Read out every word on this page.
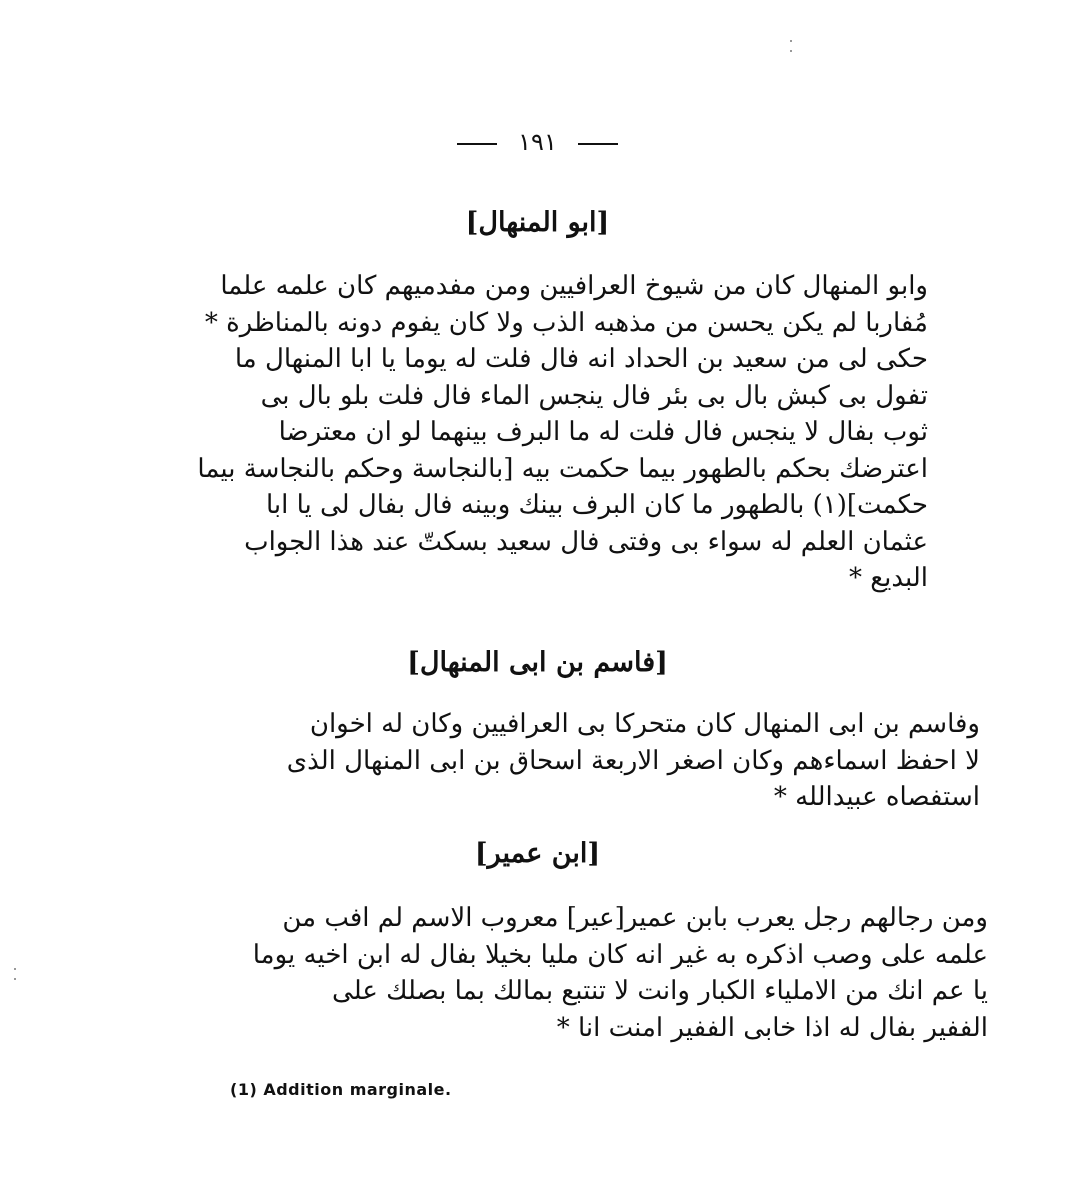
١٩١
[ابو المنهال]
وابو المنهال كان من شيوخ العرافيين ومن مفدميهم كان علمه علما
مُفاربا لم يكن يحسن من مذهبه الذب ولا كان يفوم دونه بالمناظرة *
حكى لى من سعيد بن الحداد انه فال فلت له يوما يا ابا المنهال ما
تفول بى كبش بال بى بئر فال ينجس الماء فال فلت بلو بال بى
ثوب بفال لا ينجس فال فلت له ما البرف بينهما لو ان معترضا
اعترضك بحكم بالطهور بيما حكمت بيه [بالنجاسة وحكم بالنجاسة بيما
حكمت](١) بالطهور ما كان البرف بينك وبينه فال بفال لى يا ابا
عثمان العلم له سواء بى وفتى فال سعيد بسكتّ عند هذا الجواب
البديع *
[فاسم بن ابى المنهال]
وفاسم بن ابى المنهال كان متحركا بى العرافيين وكان له اخوان
لا احفظ اسماءهم وكان اصغر الاربعة اسحاق بن ابى المنهال الذى
استفصاه عبيدالله *
[ابن عمير]
ومن رجالهم رجل يعرب بابن عمير[عير] معروب الاسم لم افب من
علمه على وصب اذكره به غير انه كان مليا بخيلا بفال له ابن اخيه يوما
يا عم انك من الاملياء الكبار وانت لا تنتبع بمالك بما بصلك على
الففير بفال له اذا خابى الففير امنت انا *
(1) Addition marginale.
